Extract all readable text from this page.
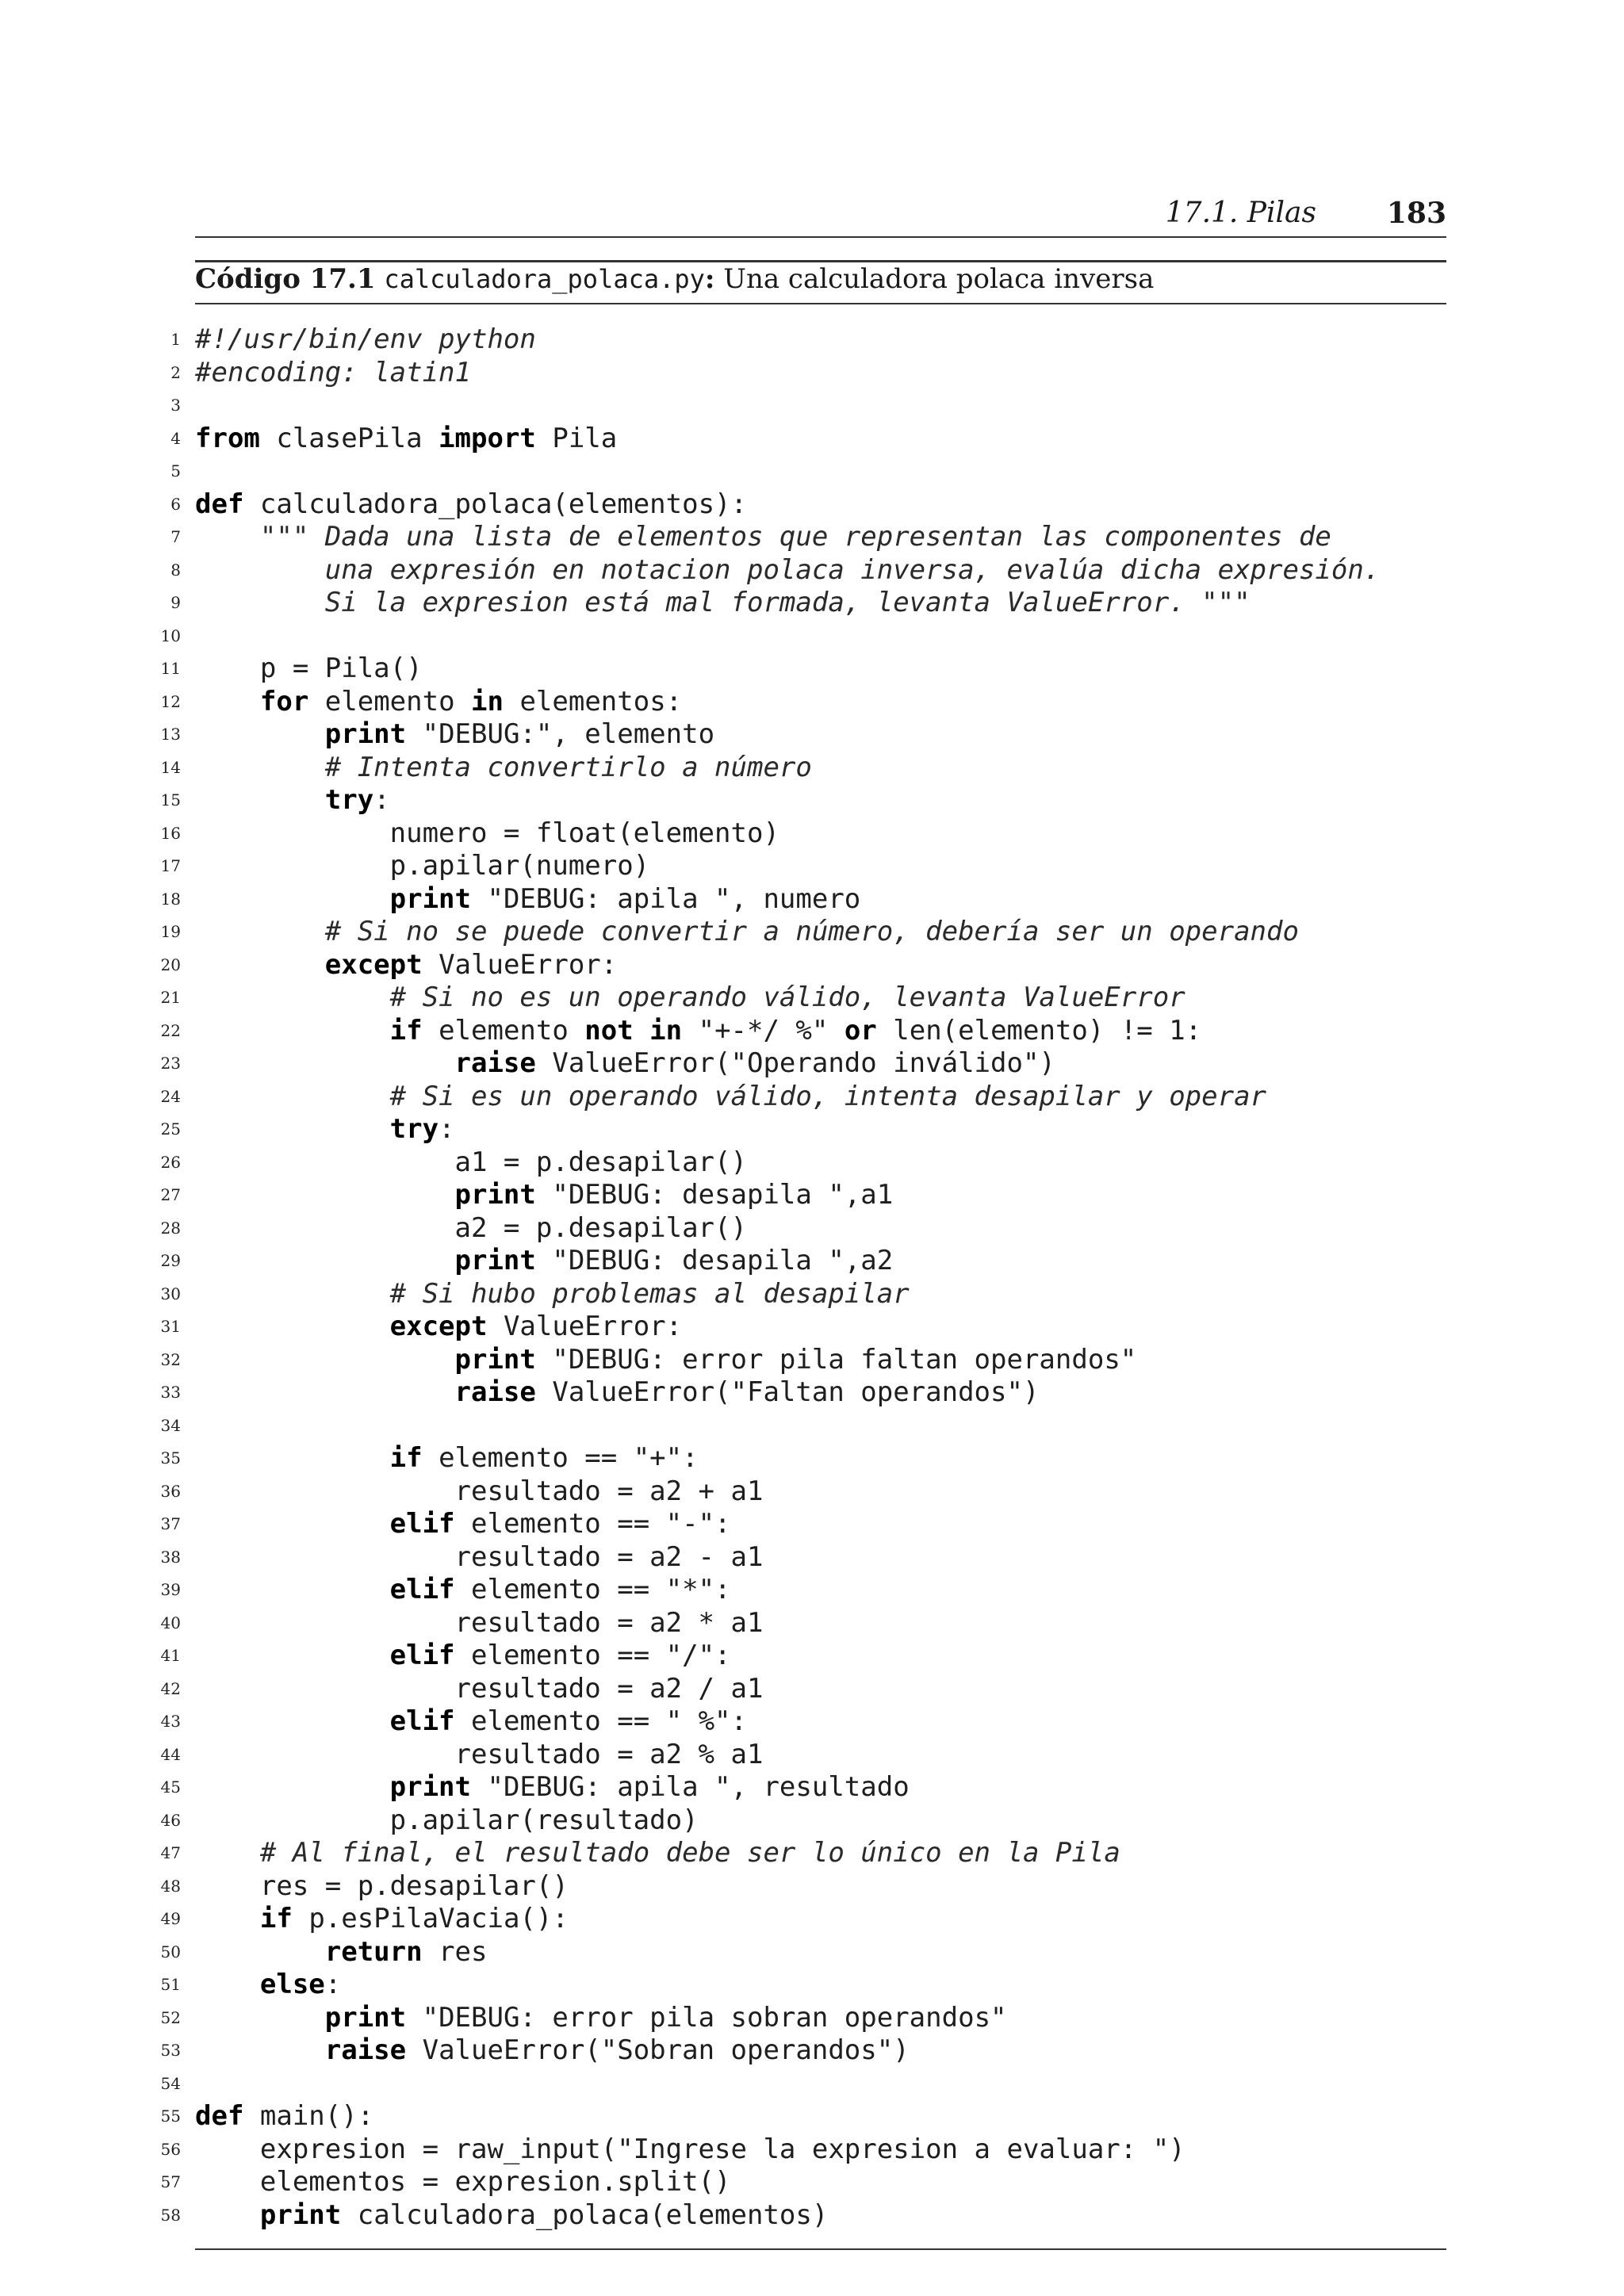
17.1. Pilas 183
Código 17.1 calculadora_polaca.py: Una calculadora polaca inversa
1 #!/usr/bin/env python
2 #encoding: latin1
3
4 from clasePila import Pila
5
6 def calculadora_polaca(elementos):
7	""" Dada una lista de elementos que representan las componentes de
8 una expresión en notacion polaca inversa, evalúa dicha expresión.
9 Si la expresion está mal formada, levanta ValueError. """
10
11 p = Pila()
12	for elemento in elementos:
13	print "DEBUG:", elemento
14	# Intenta convertirlo a número
15	try:
16 numero = float(elemento)
17 p.apilar(numero)
18	print "DEBUG: apila ", numero
19	# Si no se puede convertir a número, debería ser un operando
20	except ValueError:
21	# Si no es un operando válido, levanta ValueError
22	if elemento not in "+-*/ %" or len(elemento) != 1:
23	raise ValueError("Operando inválido")
24	# Si es un operando válido, intenta desapilar y operar
25	try:
26 a1 = p.desapilar()
27	print "DEBUG: desapila ",a1
28 a2 = p.desapilar()
29	print "DEBUG: desapila ",a2
30	# Si hubo problemas al desapilar
31	except ValueError:
32	print "DEBUG: error pila faltan operandos"
33	raise ValueError("Faltan operandos")
34
35	if elemento == "+":
36 resultado = a2 + a1
37	elif elemento == "-":
38 resultado = a2 - a1
39	elif elemento == "*":
40 resultado = a2 * a1
41	elif elemento == "/":
42 resultado = a2 / a1
43	elif elemento == " %":
44 resultado = a2 % a1
45	print "DEBUG: apila ", resultado
46 p.apilar(resultado)
47	# Al final, el resultado debe ser lo único en la Pila
48 res = p.desapilar()
49	if p.esPilaVacia():
50	return res
51	else:
52	print "DEBUG: error pila sobran operandos"
53	raise ValueError("Sobran operandos")
54
55 def main():
56 expresion = raw_input("Ingrese la expresion a evaluar: ")
57 elementos = expresion.split()
58	print calculadora_polaca(elementos)
